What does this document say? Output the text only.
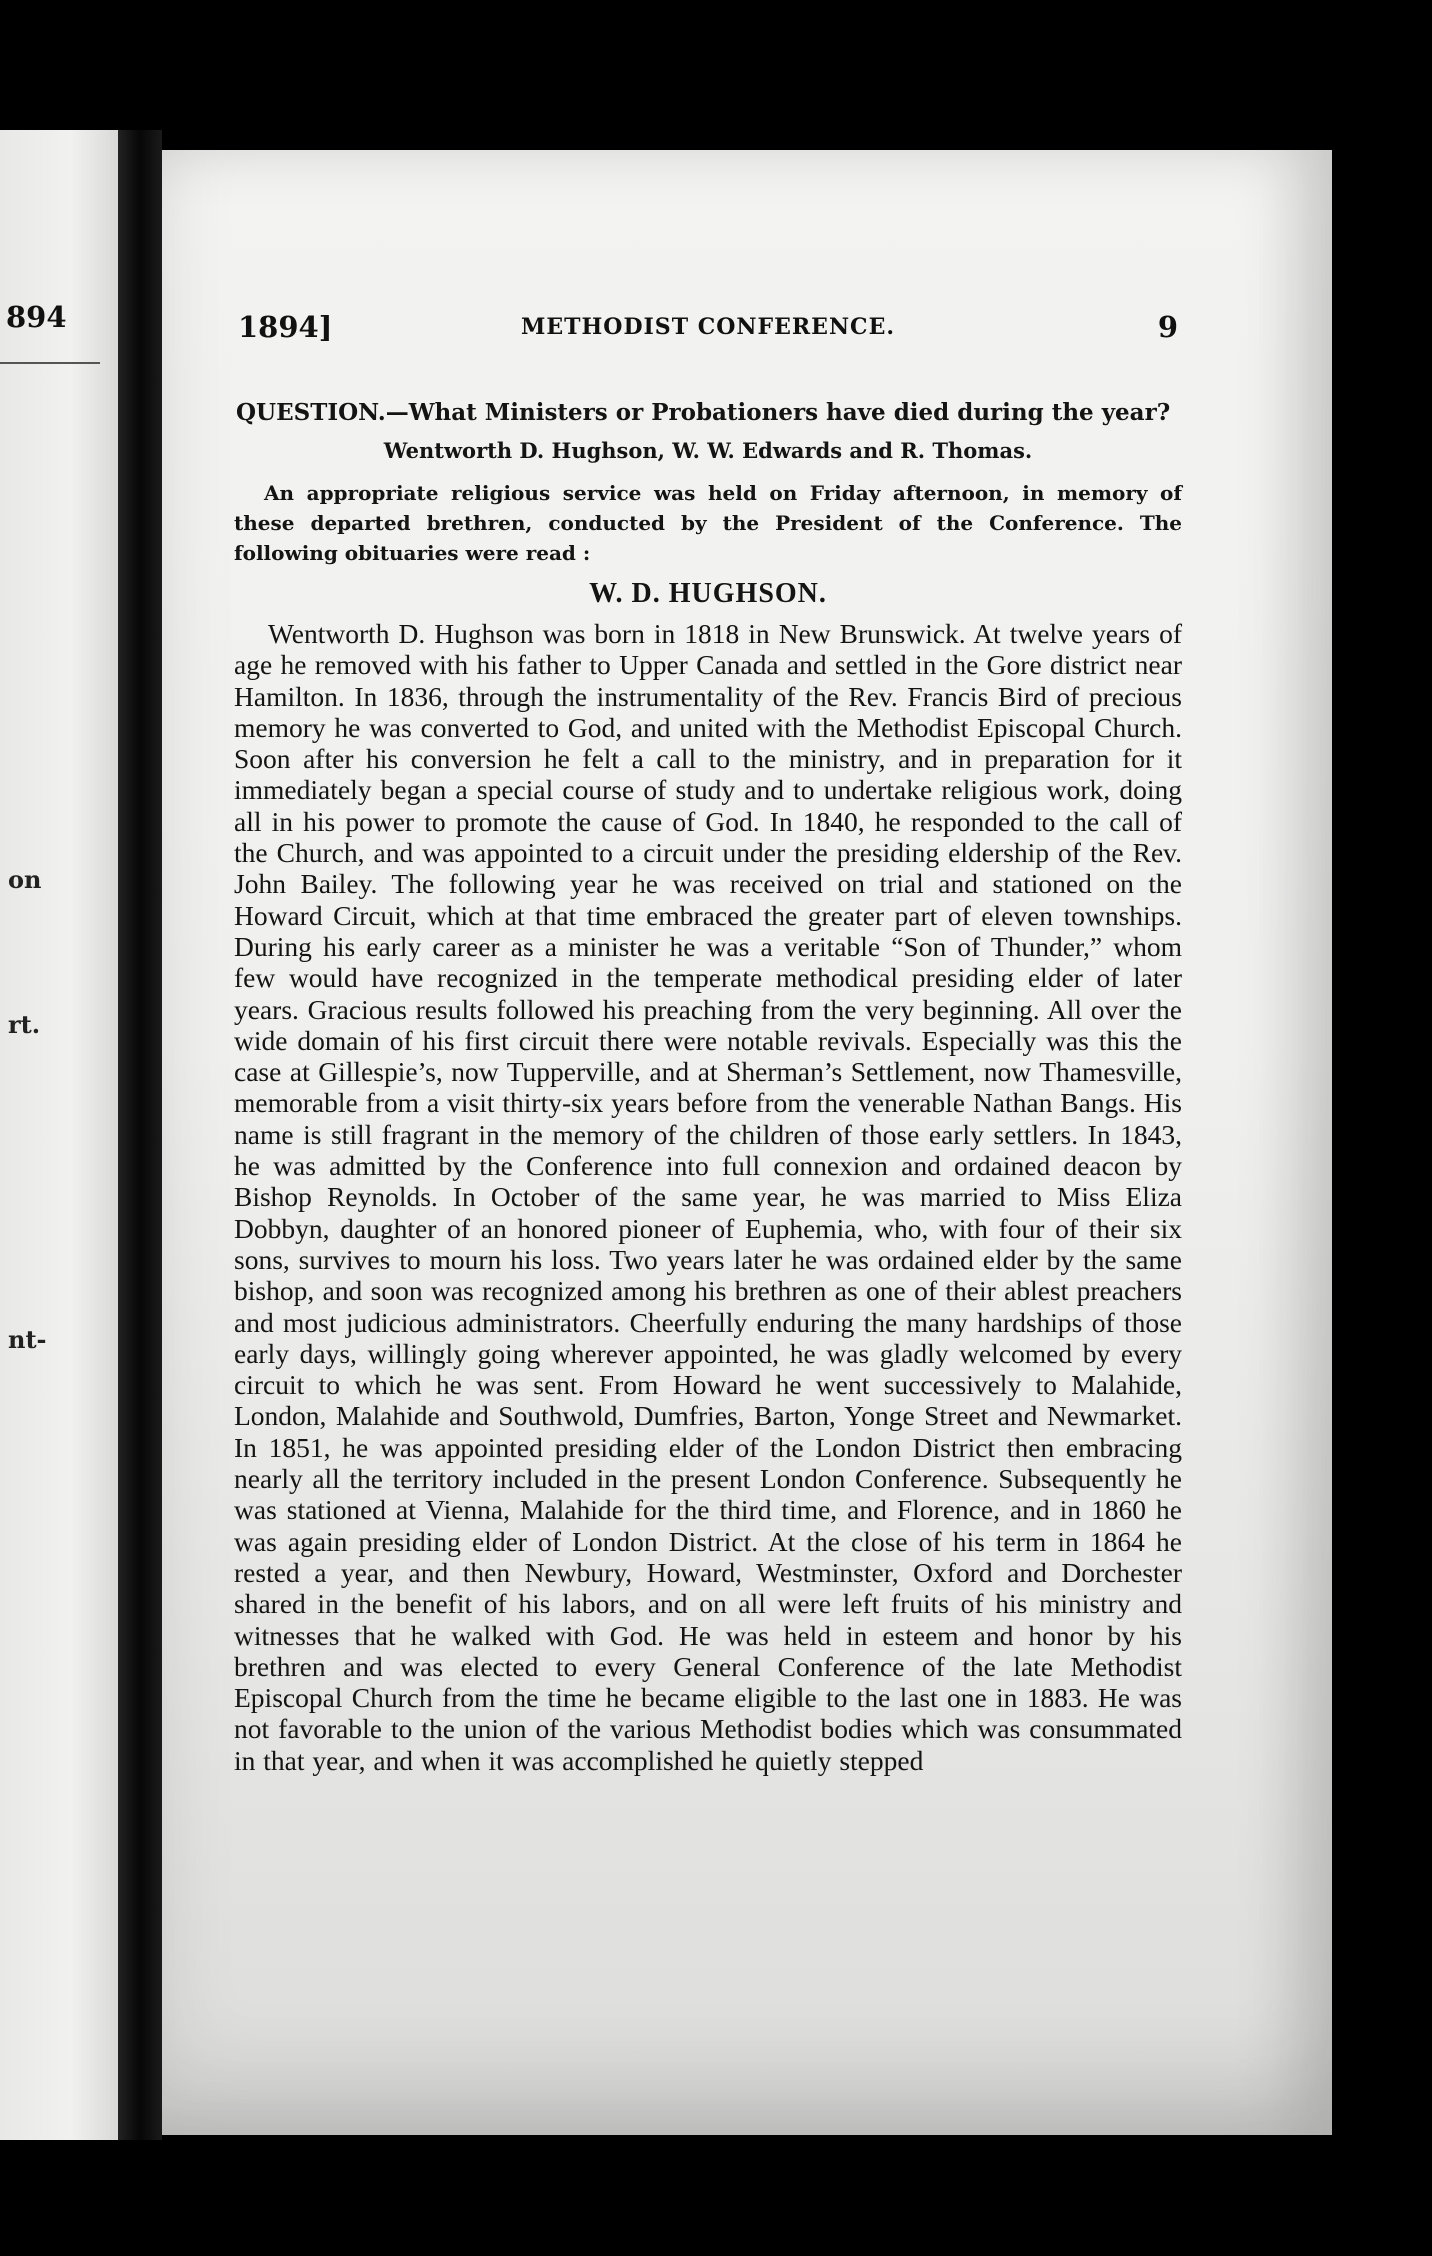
894
on
rt.
nt-
1894]	METHODIST CONFERENCE.	9

QUESTION.—What Ministers or Probationers have died during the year?

Wentworth D. Hughson, W. W. Edwards and R. Thomas.

An appropriate religious service was held on Friday afternoon, in memory of these departed brethren, conducted by the President of the Conference. The following obituaries were read :

W. D. HUGHSON.

Wentworth D. Hughson was born in 1818 in New Brunswick. At twelve years of age he removed with his father to Upper Canada and settled in the Gore district near Hamilton. In 1836, through the instrumentality of the Rev. Francis Bird of precious memory he was converted to God, and united with the Methodist Episcopal Church. Soon after his conversion he felt a call to the ministry, and in preparation for it immediately began a special course of study and to undertake religious work, doing all in his power to promote the cause of God. In 1840, he responded to the call of the Church, and was appointed to a circuit under the presiding eldership of the Rev. John Bailey. The following year he was received on trial and stationed on the Howard Circuit, which at that time embraced the greater part of eleven townships. During his early career as a minister he was a veritable “Son of Thunder,” whom few would have recognized in the temperate methodical presiding elder of later years. Gracious results followed his preaching from the very beginning. All over the wide domain of his first circuit there were notable revivals. Especially was this the case at Gillespie’s, now Tupperville, and at Sherman’s Settlement, now Thamesville, memorable from a visit thirty-six years before from the venerable Nathan Bangs. His name is still fragrant in the memory of the children of those early settlers. In 1843, he was admitted by the Conference into full connexion and ordained deacon by Bishop Reynolds. In October of the same year, he was married to Miss Eliza Dobbyn, daughter of an honored pioneer of Euphemia, who, with four of their six sons, survives to mourn his loss. Two years later he was ordained elder by the same bishop, and soon was recognized among his brethren as one of their ablest preachers and most judicious administrators. Cheerfully enduring the many hardships of those early days, willingly going wherever appointed, he was gladly welcomed by every circuit to which he was sent. From Howard he went successively to Malahide, London, Malahide and Southwold, Dumfries, Barton, Yonge Street and Newmarket. In 1851, he was appointed presiding elder of the London District then embracing nearly all the territory included in the present London Conference. Subsequently he was stationed at Vienna, Malahide for the third time, and Florence, and in 1860 he was again presiding elder of London District. At the close of his term in 1864 he rested a year, and then Newbury, Howard, Westminster, Oxford and Dorchester shared in the benefit of his labors, and on all were left fruits of his ministry and witnesses that he walked with God. He was held in esteem and honor by his brethren and was elected to every General Conference of the late Methodist Episcopal Church from the time he became eligible to the last one in 1883. He was not favorable to the union of the various Methodist bodies which was consummated in that year, and when it was accomplished he quietly stepped
